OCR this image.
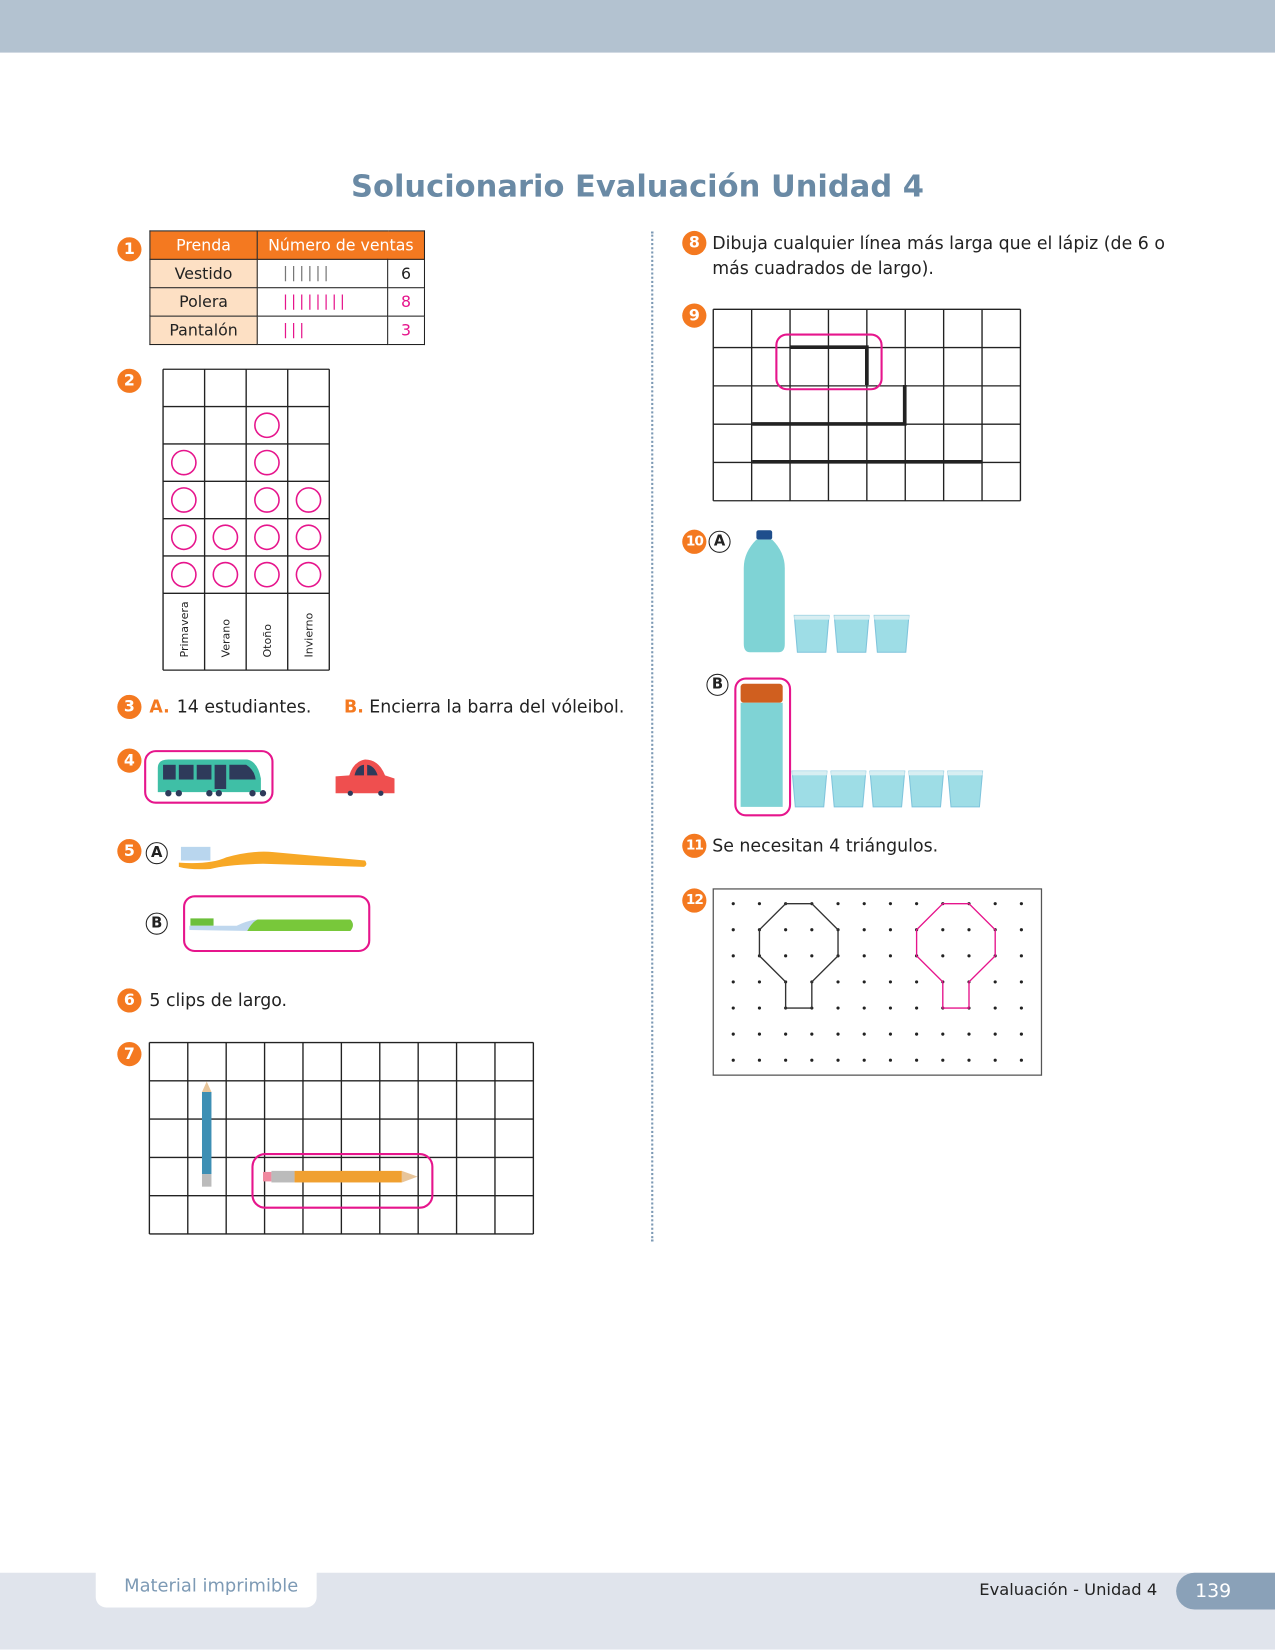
Solucionario Evaluación Unidad 4
1	Prenda	Número de ventas	
Vestido	||||||	6
Polera	||||||||	8
Pantalón	|||	3
2
Primavera	Verano	Otoño	Invierno
3 A. 14 estudiantes. B. Encierra la barra del vóleibol.
4
5	A
B
6 5 clips de largo.
7
8 Dibuja cualquier línea más larga que el lápiz (de 6 o
más cuadrados de largo).
9
10 A
B
11 Se necesitan 4 triángulos.
12
Material imprimible	Evaluación - Unidad 4	139
